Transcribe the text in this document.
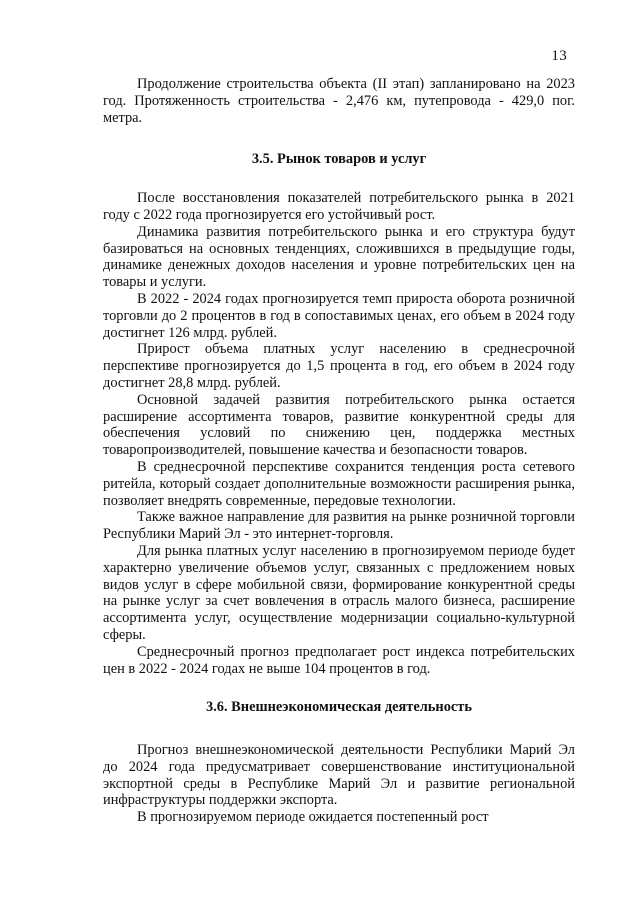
13

Продолжение строительства объекта (II этап) запланировано на 2023 год. Протяженность строительства - 2,476 км, путепровода - 429,0 пог. метра.

3.5. Рынок товаров и услуг

После восстановления показателей потребительского рынка в 2021 году с 2022 года прогнозируется его устойчивый рост.

Динамика развития потребительского рынка и его структура будут базироваться на основных тенденциях, сложившихся в предыдущие годы, динамике денежных доходов населения и уровне потребительских цен на товары и услуги.

В 2022 - 2024 годах прогнозируется темп прироста оборота розничной торговли до 2 процентов в год в сопоставимых ценах, его объем в 2024 году достигнет 126 млрд. рублей.

Прирост объема платных услуг населению в среднесрочной перспективе прогнозируется до 1,5 процента в год, его объем в 2024 году достигнет 28,8 млрд. рублей.

Основной задачей развития потребительского рынка остается расширение ассортимента товаров, развитие конкурентной среды для обеспечения условий по снижению цен, поддержка местных товаропроизводителей, повышение качества и безопасности товаров.

В среднесрочной перспективе сохранится тенденция роста сетевого ритейла, который создает дополнительные возможности расширения рынка, позволяет внедрять современные, передовые технологии.

Также важное направление для развития на рынке розничной торговли Республики Марий Эл - это интернет-торговля.

Для рынка платных услуг населению в прогнозируемом периоде будет характерно увеличение объемов услуг, связанных с предложением новых видов услуг в сфере мобильной связи, формирование конкурентной среды на рынке услуг за счет вовлечения в отрасль малого бизнеса, расширение ассортимента услуг, осуществление модернизации социально-культурной сферы.

Среднесрочный прогноз предполагает рост индекса потребительских цен в 2022 - 2024 годах не выше 104 процентов в год.

3.6. Внешнеэкономическая деятельность

Прогноз внешнеэкономической деятельности Республики Марий Эл до 2024 года предусматривает совершенствование институциональной экспортной среды в Республике Марий Эл и развитие региональной инфраструктуры поддержки экспорта.

В прогнозируемом периоде ожидается постепенный рост
